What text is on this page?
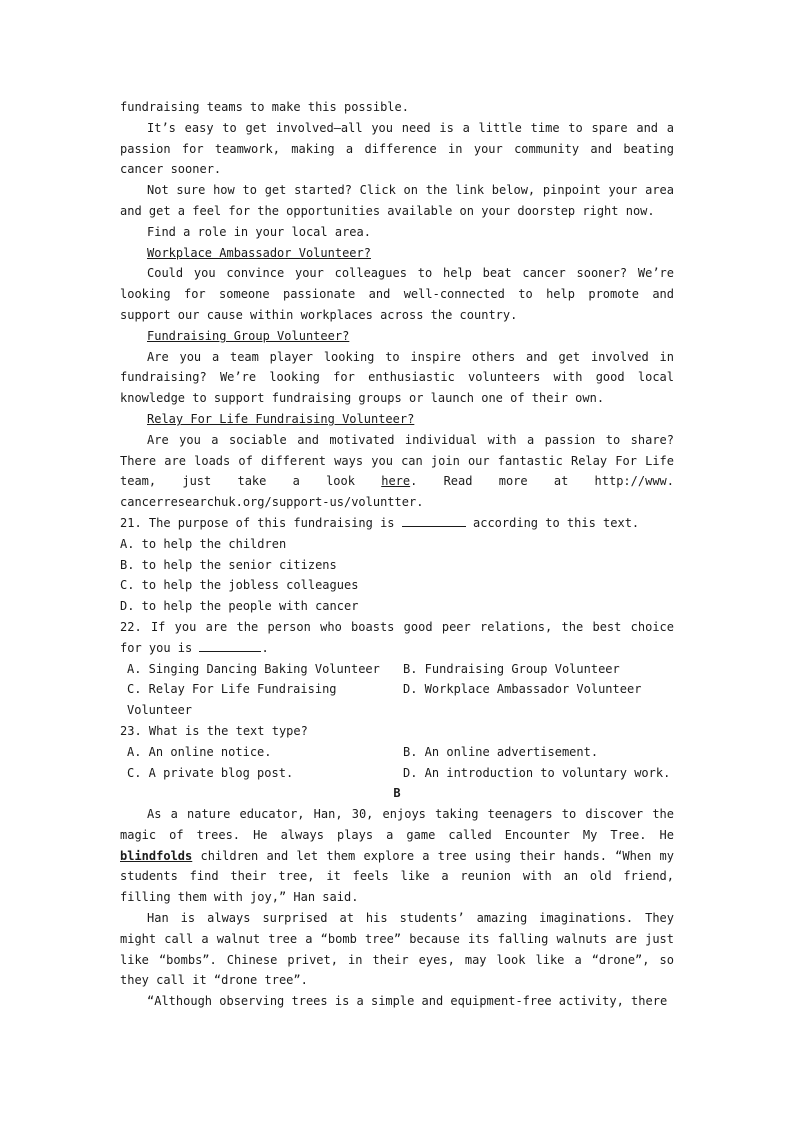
fundraising teams to make this possible.

It’s easy to get involved—all you need is a little time to spare and a passion for teamwork, making a difference in your community and beating cancer sooner.

Not sure how to get started? Click on the link below, pinpoint your area and get a feel for the opportunities available on your doorstep right now.

Find a role in your local area.

Workplace Ambassador Volunteer?

Could you convince your colleagues to help beat cancer sooner? We’re looking for someone passionate and well-connected to help promote and support our cause within workplaces across the country.

Fundraising Group Volunteer?

Are you a team player looking to inspire others and get involved in fundraising? We’re looking for enthusiastic volunteers with good local knowledge to support fundraising groups or launch one of their own.

Relay For Life Fundraising Volunteer?

Are you a sociable and motivated individual with a passion to share? There are loads of different ways you can join our fantastic Relay For Life team, just take a look here. Read more at http://www. cancerresearchuk.org/support-us/voluntter.

21. The purpose of this fundraising is	according to this text.

A. to help the children

B. to help the senior citizens

C. to help the jobless colleagues

D. to help the people with cancer

22. If you are the person who boasts good peer relations, the best choice for you is	.

A. Singing Dancing Baking Volunteer	B. Fundraising Group Volunteer

C. Relay For Life Fundraising Volunteer

D. Workplace Ambassador Volunteer

23. What is the text type?

A. An online notice.	B. An online advertisement.

C. A private blog post.	D. An introduction to voluntary work.

B

As a nature educator, Han, 30, enjoys taking teenagers to discover the magic of trees. He always plays a game called Encounter My Tree. He blindfolds children and let them explore a tree using their hands. “When my students find their tree, it feels like a reunion with an old friend, filling them with joy,” Han said.

Han is always surprised at his students’ amazing imaginations. They might call a walnut tree a “bomb tree” because its falling walnuts are just like “bombs”. Chinese privet, in their eyes, may look like a “drone”, so they call it “drone tree”.

“Although observing trees is a simple and equipment-free activity, there
